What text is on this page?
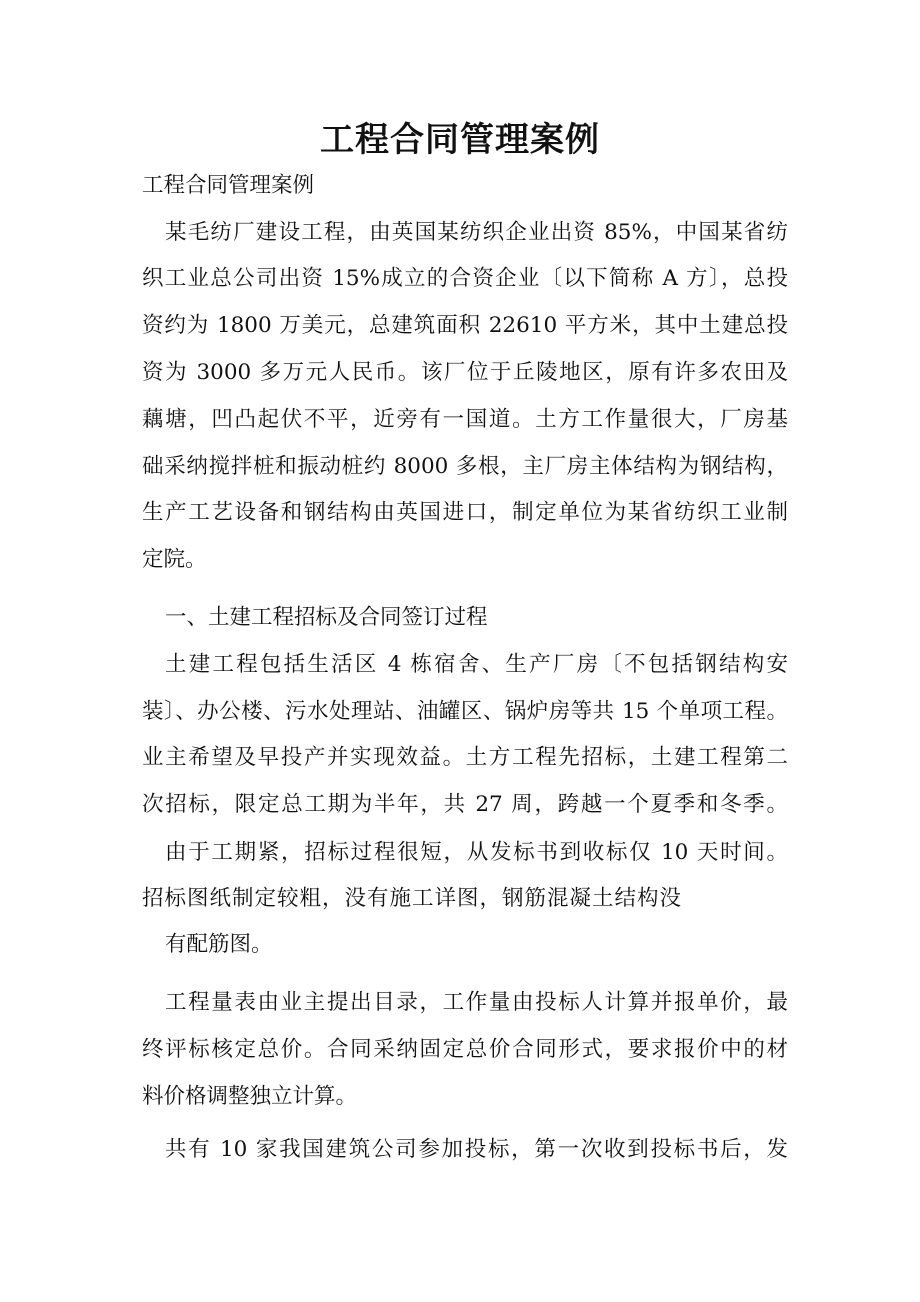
工程合同管理案例
工程合同管理案例
某毛纺厂建设工程，由英国某纺织企业出资 85%，中国某省纺
织工业总公司出资 15%成立的合资企业〔以下简称 A 方〕，总投
资约为 1800 万美元，总建筑面积 22610 平方米，其中土建总投
资为 3000 多万元人民币。该厂位于丘陵地区，原有许多农田及
藕塘，凹凸起伏不平，近旁有一国道。土方工作量很大，厂房基
础采纳搅拌桩和振动桩约 8000 多根，主厂房主体结构为钢结构，
生产工艺设备和钢结构由英国进口，制定单位为某省纺织工业制
定院。
一、土建工程招标及合同签订过程
土建工程包括生活区 4 栋宿舍、生产厂房〔不包括钢结构安
装〕、办公楼、污水处理站、油罐区、锅炉房等共 15 个单项工程。
业主希望及早投产并实现效益。土方工程先招标，土建工程第二
次招标，限定总工期为半年，共 27 周，跨越一个夏季和冬季。
由于工期紧，招标过程很短，从发标书到收标仅 10 天时间。
招标图纸制定较粗，没有施工详图，钢筋混凝土结构没
有配筋图。
工程量表由业主提出目录，工作量由投标人计算并报单价，最
终评标核定总价。合同采纳固定总价合同形式，要求报价中的材
料价格调整独立计算。
共有 10 家我国建筑公司参加投标，第一次收到投标书后，发
